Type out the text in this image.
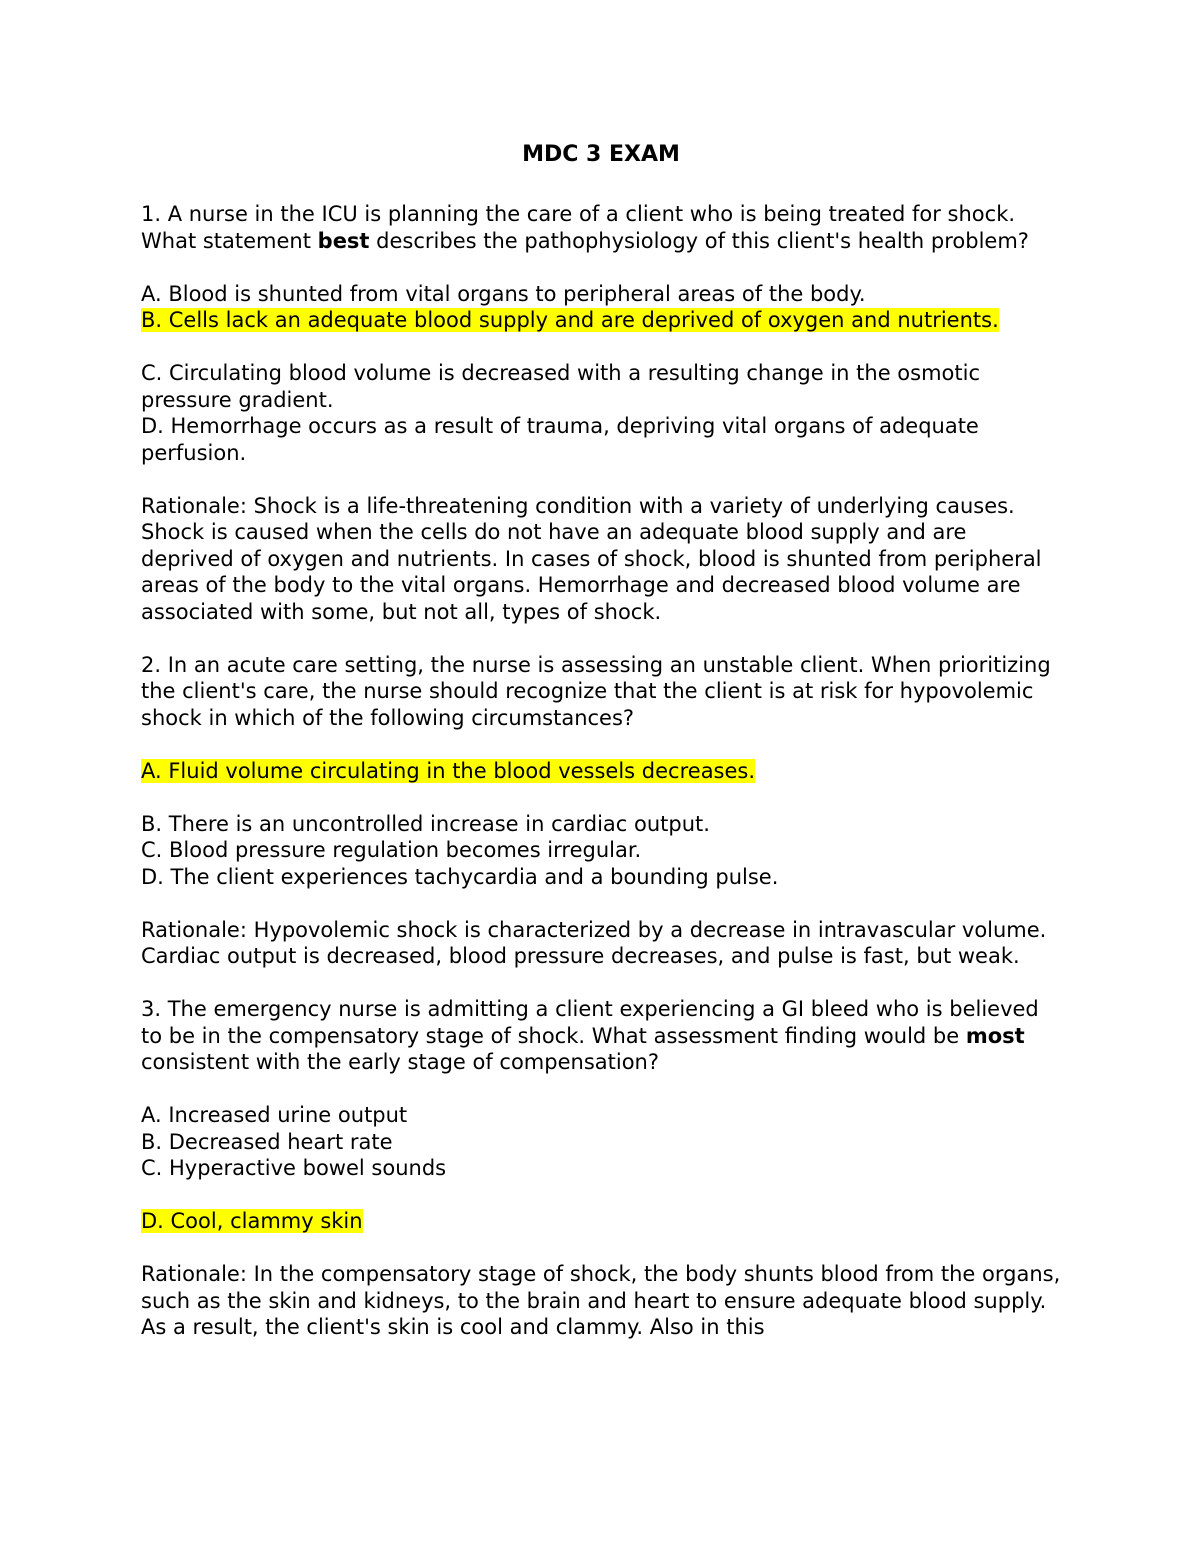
MDC 3 EXAM

1. A nurse in the ICU is planning the care of a client who is being treated for shock. What statement best describes the pathophysiology of this client's health problem?

A. Blood is shunted from vital organs to peripheral areas of the body.

B. Cells lack an adequate blood supply and are deprived of oxygen and nutrients.

C. Circulating blood volume is decreased with a resulting change in the osmotic pressure gradient.

D. Hemorrhage occurs as a result of trauma, depriving vital organs of adequate perfusion.

Rationale: Shock is a life-threatening condition with a variety of underlying causes. Shock is caused when the cells do not have an adequate blood supply and are deprived of oxygen and nutrients. In cases of shock, blood is shunted from peripheral areas of the body to the vital organs. Hemorrhage and decreased blood volume are associated with some, but not all, types of shock.

2. In an acute care setting, the nurse is assessing an unstable client. When prioritizing the client's care, the nurse should recognize that the client is at risk for hypovolemic shock in which of the following circumstances?

A. Fluid volume circulating in the blood vessels decreases.

B. There is an uncontrolled increase in cardiac output.

C. Blood pressure regulation becomes irregular.

D. The client experiences tachycardia and a bounding pulse.

Rationale: Hypovolemic shock is characterized by a decrease in intravascular volume. Cardiac output is decreased, blood pressure decreases, and pulse is fast, but weak.

3. The emergency nurse is admitting a client experiencing a GI bleed who is believed to be in the compensatory stage of shock. What assessment finding would be most consistent with the early stage of compensation?

A. Increased urine output

B. Decreased heart rate

C. Hyperactive bowel sounds

D. Cool, clammy skin

Rationale: In the compensatory stage of shock, the body shunts blood from the organs, such as the skin and kidneys, to the brain and heart to ensure adequate blood supply. As a result, the client's skin is cool and clammy. Also in this
